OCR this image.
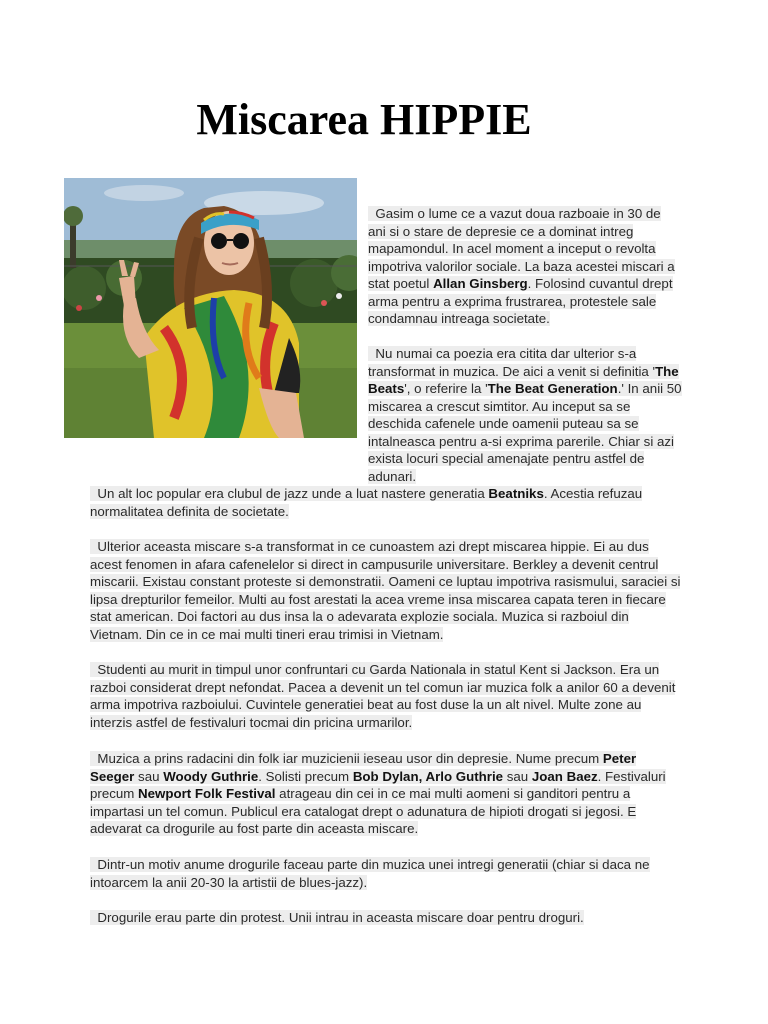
Miscarea HIPPIE

Gasim o lume ce a vazut doua razboaie in 30 de ani si o stare de depresie ce a dominat intreg mapamondul. In acel moment a inceput o revolta impotriva valorilor sociale. La baza acestei miscari a stat poetul Allan Ginsberg. Folosind cuvantul drept arma pentru a exprima frustrarea, protestele sale condamnau intreaga societate.

Nu numai ca poezia era citita dar ulterior s-a transformat in muzica. De aici a venit si definitia 'The Beats', o referire la 'The Beat Generation.' In anii 50 miscarea a crescut simtitor. Au inceput sa se deschida cafenele unde oamenii puteau sa se intalneasca pentru a-si exprima parerile. Chiar si azi exista locuri special amenajate pentru astfel de adunari.

Un alt loc popular era clubul de jazz unde a luat nastere generatia Beatniks. Acestia refuzau normalitatea definita de societate.

Ulterior aceasta miscare s-a transformat in ce cunoastem azi drept miscarea hippie. Ei au dus acest fenomen in afara cafenelelor si direct in campusurile universitare. Berkley a devenit centrul miscarii. Existau constant proteste si demonstratii. Oameni ce luptau impotriva rasismului, saraciei si lipsa drepturilor femeilor. Multi au fost arestati la acea vreme insa miscarea capata teren in fiecare stat american. Doi factori au dus insa la o adevarata explozie sociala. Muzica si razboiul din Vietnam. Din ce in ce mai multi tineri erau trimisi in Vietnam.

Studenti au murit in timpul unor confruntari cu Garda Nationala in statul Kent si Jackson. Era un razboi considerat drept nefondat. Pacea a devenit un tel comun iar muzica folk a anilor 60 a devenit arma impotriva razboiului. Cuvintele generatiei beat au fost duse la un alt nivel. Multe zone au interzis astfel de festivaluri tocmai din pricina urmarilor.

Muzica a prins radacini din folk iar muzicienii ieseau usor din depresie. Nume precum Peter Seeger sau Woody Guthrie. Solisti precum Bob Dylan, Arlo Guthrie sau Joan Baez. Festivaluri precum Newport Folk Festival atrageau din cei in ce mai multi aomeni si ganditori pentru a impartasi un tel comun. Publicul era catalogat drept o adunatura de hipioti drogati si jegosi. E adevarat ca drogurile au fost parte din aceasta miscare.

Dintr-un motiv anume drogurile faceau parte din muzica unei intregi generatii (chiar si daca ne intoarcem la anii 20-30 la artistii de blues-jazz).

Drogurile erau parte din protest. Unii intrau in aceasta miscare doar pentru droguri.
